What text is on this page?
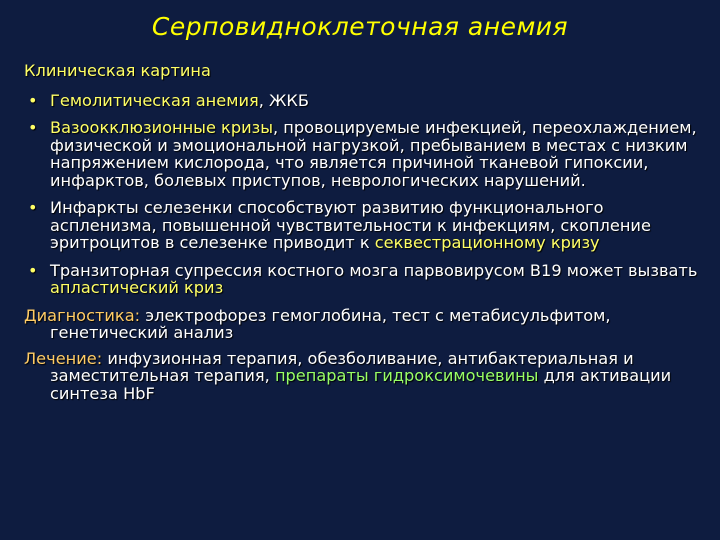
Серповидноклеточная анемия
Клиническая картина
• Гемолитическая анемия, ЖКБ
• Вазоокклюзионные кризы, провоцируемые инфекцией, переохлаждением, физической и эмоциональной нагрузкой, пребыванием в местах с низким напряжением кислорода, что является причиной тканевой гипоксии, инфарктов, болевых приступов, неврологических нарушений.
• Инфаркты селезенки способствуют развитию функционального аспленизма, повышенной чувствительности к инфекциям, скопление эритроцитов в селезенке приводит к секвестрационному кризу
• Транзиторная супрессия костного мозга парвовирусом В19 может вызвать апластический криз
Диагностика: электрофорез гемоглобина, тест с метабисульфитом, генетический анализ
Лечение: инфузионная терапия, обезболивание, антибактериальная и заместительная терапия, препараты гидроксимочевины для активации синтеза HbF
